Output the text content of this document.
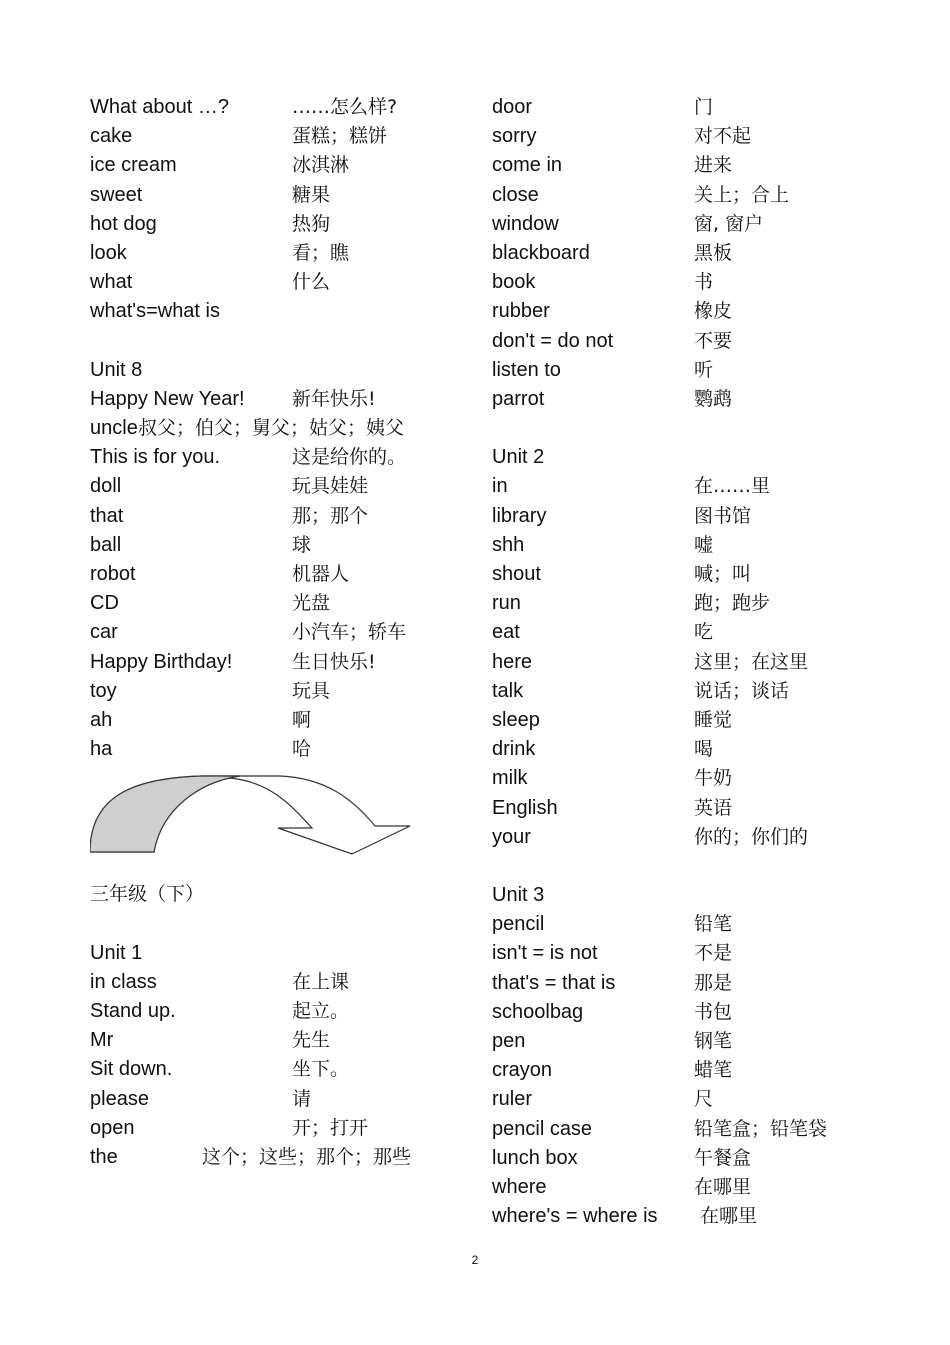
What about …?	……怎么样?
cake	蛋糕；糕饼
ice cream	冰淇淋
sweet	糖果
hot dog	热狗
look	看；瞧
what	什么
what's=what is
Unit 8
Happy New Year! 新年快乐!
uncle 叔父；伯父；舅父；姑父；姨父
This is for you.	这是给你的。
doll	玩具娃娃
that	那；那个
ball	球
robot	机器人
CD	光盘
car	小汽车；轿车
Happy Birthday!	生日快乐!
toy	玩具
ah	啊
ha	哈
三年级（下）
Unit 1
in class	在上课
Stand up.	起立。
Mr	先生
Sit down.	坐下。
please	请
open	开；打开
the	这个；这些；那个；那些
door	门
sorry	对不起
come in	进来
close	关上；合上
window	窗, 窗户
blackboard	黑板
book	书
rubber	橡皮
don't = do not	不要
listen to	听
parrot	鹦鹉
Unit 2
in	在……里
library	图书馆
shh	嘘
shout	喊；叫
run	跑；跑步
eat	吃
here	这里；在这里
talk	说话；谈话
sleep	睡觉
drink	喝
milk	牛奶
English	英语
your	你的；你们的
Unit 3
pencil	铅笔
isn't = is not	不是
that's = that is	那是
schoolbag	书包
pen	钢笔
crayon	蜡笔
ruler	尺
pencil case	铅笔盒；铅笔袋
lunch box	午餐盒
where	在哪里
where's = where is 在哪里
2
